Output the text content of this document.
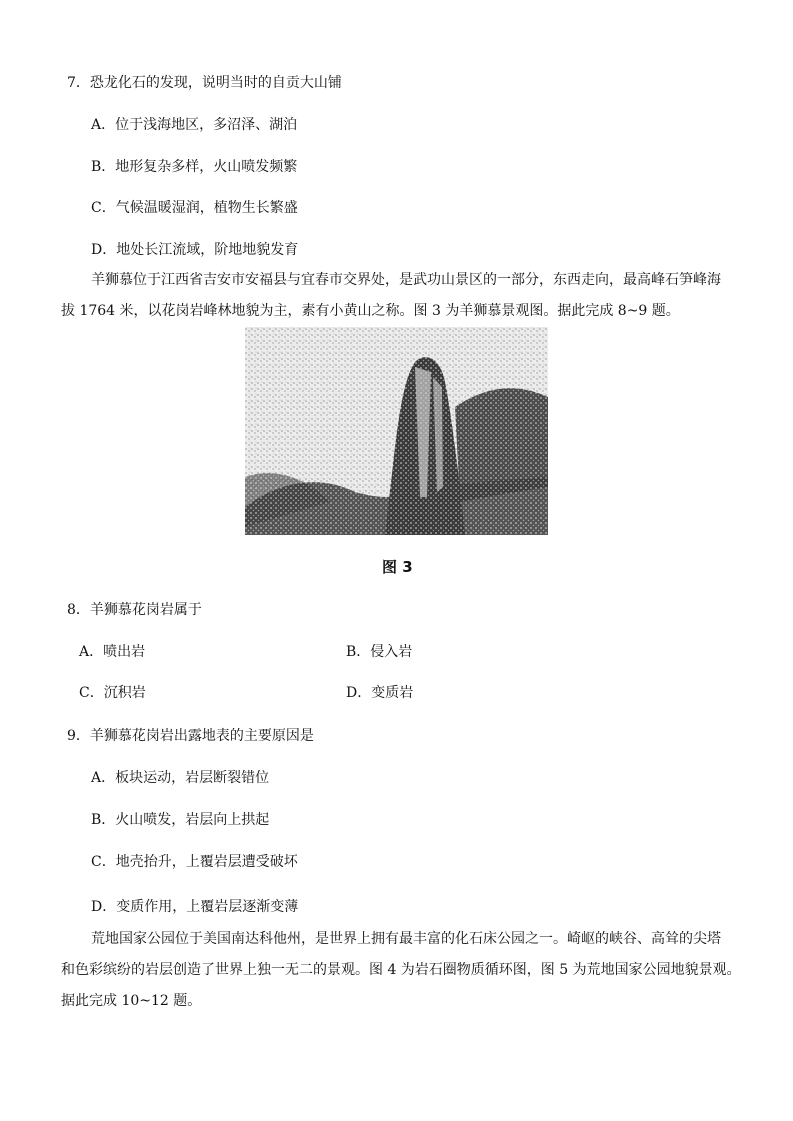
7．恐龙化石的发现，说明当时的自贡大山铺
A．位于浅海地区，多沼泽、湖泊
B．地形复杂多样，火山喷发频繁
C．气候温暖湿润，植物生长繁盛
D．地处长江流域，阶地地貌发育
羊狮慕位于江西省吉安市安福县与宜春市交界处，是武功山景区的一部分，东西走向，最高峰石笋峰海
拔 1764 米，以花岗岩峰林地貌为主，素有小黄山之称。图 3 为羊狮慕景观图。据此完成 8~9 题。
图 3
8．羊狮慕花岗岩属于
A．喷出岩	B．侵入岩
C．沉积岩	D．变质岩
9．羊狮慕花岗岩出露地表的主要原因是
A．板块运动，岩层断裂错位
B．火山喷发，岩层向上拱起
C．地壳抬升，上覆岩层遭受破坏
D．变质作用，上覆岩层逐渐变薄
荒地国家公园位于美国南达科他州，是世界上拥有最丰富的化石床公园之一。崎岖的峡谷、高耸的尖塔
和色彩缤纷的岩层创造了世界上独一无二的景观。图 4 为岩石圈物质循环图，图 5 为荒地国家公园地貌景观。
据此完成 10~12 题。
